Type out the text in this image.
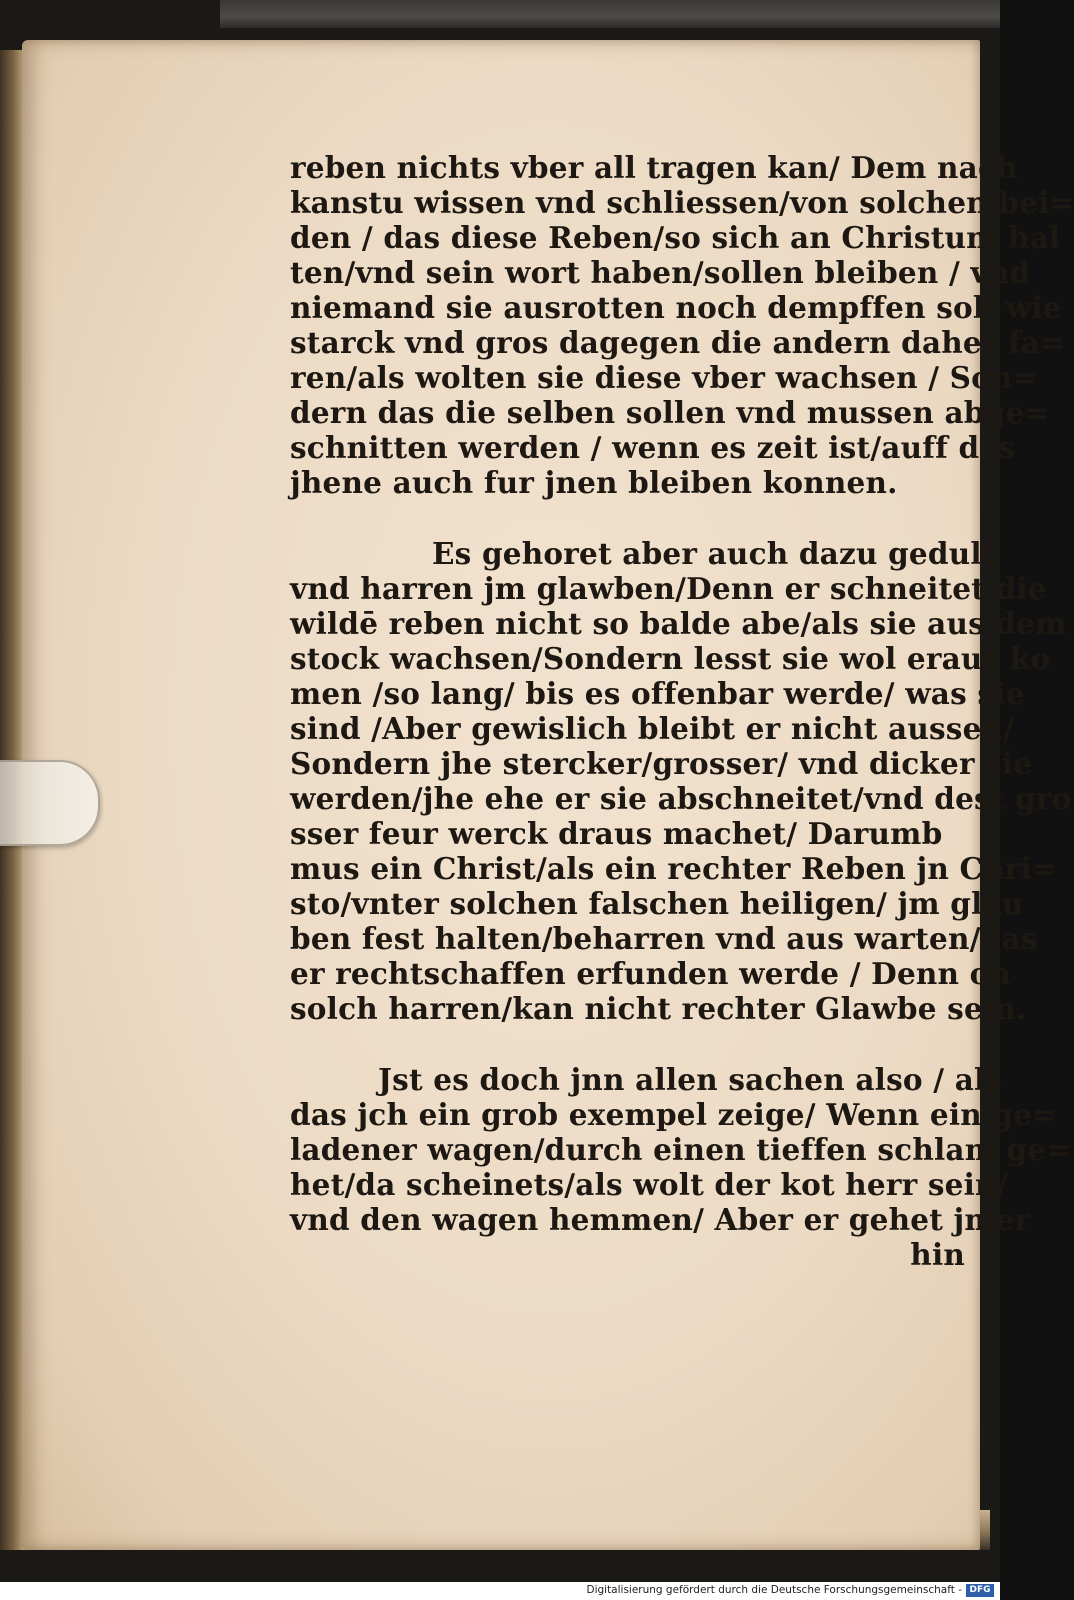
reben nichts vber all tragen kan/ Dem nach
kanstu wissen vnd schliessen/von solchen bei=
den / das diese Reben/so sich an Christum hal
ten/vnd sein wort haben/sollen bleiben / vnd
niemand sie ausrotten noch dempffen sol/ wie
starck vnd gros dagegen die andern daher fa=
ren/als wolten sie diese vber wachsen / Son=
dern das die selben sollen vnd mussen abge=
schnitten werden / wenn es zeit ist/auff das
jhene auch fur jnen bleiben konnen.
Es gehoret aber auch dazu gedult
vnd harren jm glawben/Denn er schneitet die
wildē reben nicht so balde abe/als sie aus dem
stock wachsen/Sondern lesst sie wol eraus ko
men /so lang/ bis es offenbar werde/ was sie
sind /Aber gewislich bleibt er nicht aussen/
Sondern jhe stercker/grosser/ vnd dicker sie
werden/jhe ehe er sie abschneitet/vnd dest gro
sser feur werck draus machet/ Darumb
mus ein Christ/als ein rechter Reben jn Chri=
sto/vnter solchen falschen heiligen/ jm glau
ben fest halten/beharren vnd aus warten/das
er rechtschaffen erfunden werde / Denn on
solch harren/kan nicht rechter Glawbe sein.
Jst es doch jnn allen sachen also / als
das jch ein grob exempel zeige/ Wenn ein ge=
ladener wagen/durch einen tieffen schlam ge=
het/da scheinets/als wolt der kot herr sein/
vnd den wagen hemmen/ Aber er gehet jmer
hin
Digitalisierung gefördert durch die Deutsche Forschungsgemeinschaft - DFG
